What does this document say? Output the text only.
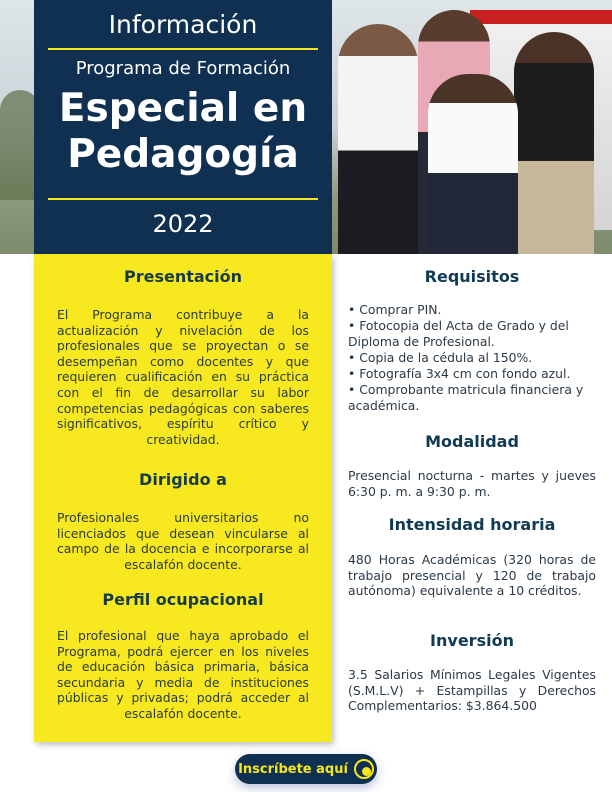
Información
Programa de Formación
Especial en
Pedagogía
2022
Presentación
El Programa contribuye a la actualización y nivelación de los profesionales que se proyectan o se desempeñan como docentes y que requieren cualificación en su práctica con el fin de desarrollar su labor competencias pedagógicas con saberes significativos, espíritu crítico y creatividad.
Dirigido a
Profesionales universitarios no licenciados que desean vincularse al campo de la docencia e incorporarse al escalafón docente.
Perfil ocupacional
El profesional que haya aprobado el Programa, podrá ejercer en los niveles de educación básica primaria, básica secundaria y media de instituciones públicas y privadas; podrá acceder al escalafón docente.
Requisitos
• Comprar PIN.
• Fotocopia del Acta de Grado y del Diploma de Profesional.
• Copia de la cédula al 150%.
• Fotografía 3x4 cm con fondo azul.
• Comprobante matricula financiera y académica.
Modalidad
Presencial nocturna - martes y jueves 6:30 p. m. a 9:30 p. m.
Intensidad horaria
480 Horas Académicas (320 horas de trabajo presencial y 120 de trabajo autónoma) equivalente a 10 créditos.
Inversión
3.5 Salarios Mínimos Legales Vigentes (S.M.L.V) + Estampillas y Derechos Complementarios: $3.864.500
Inscríbete aquí
